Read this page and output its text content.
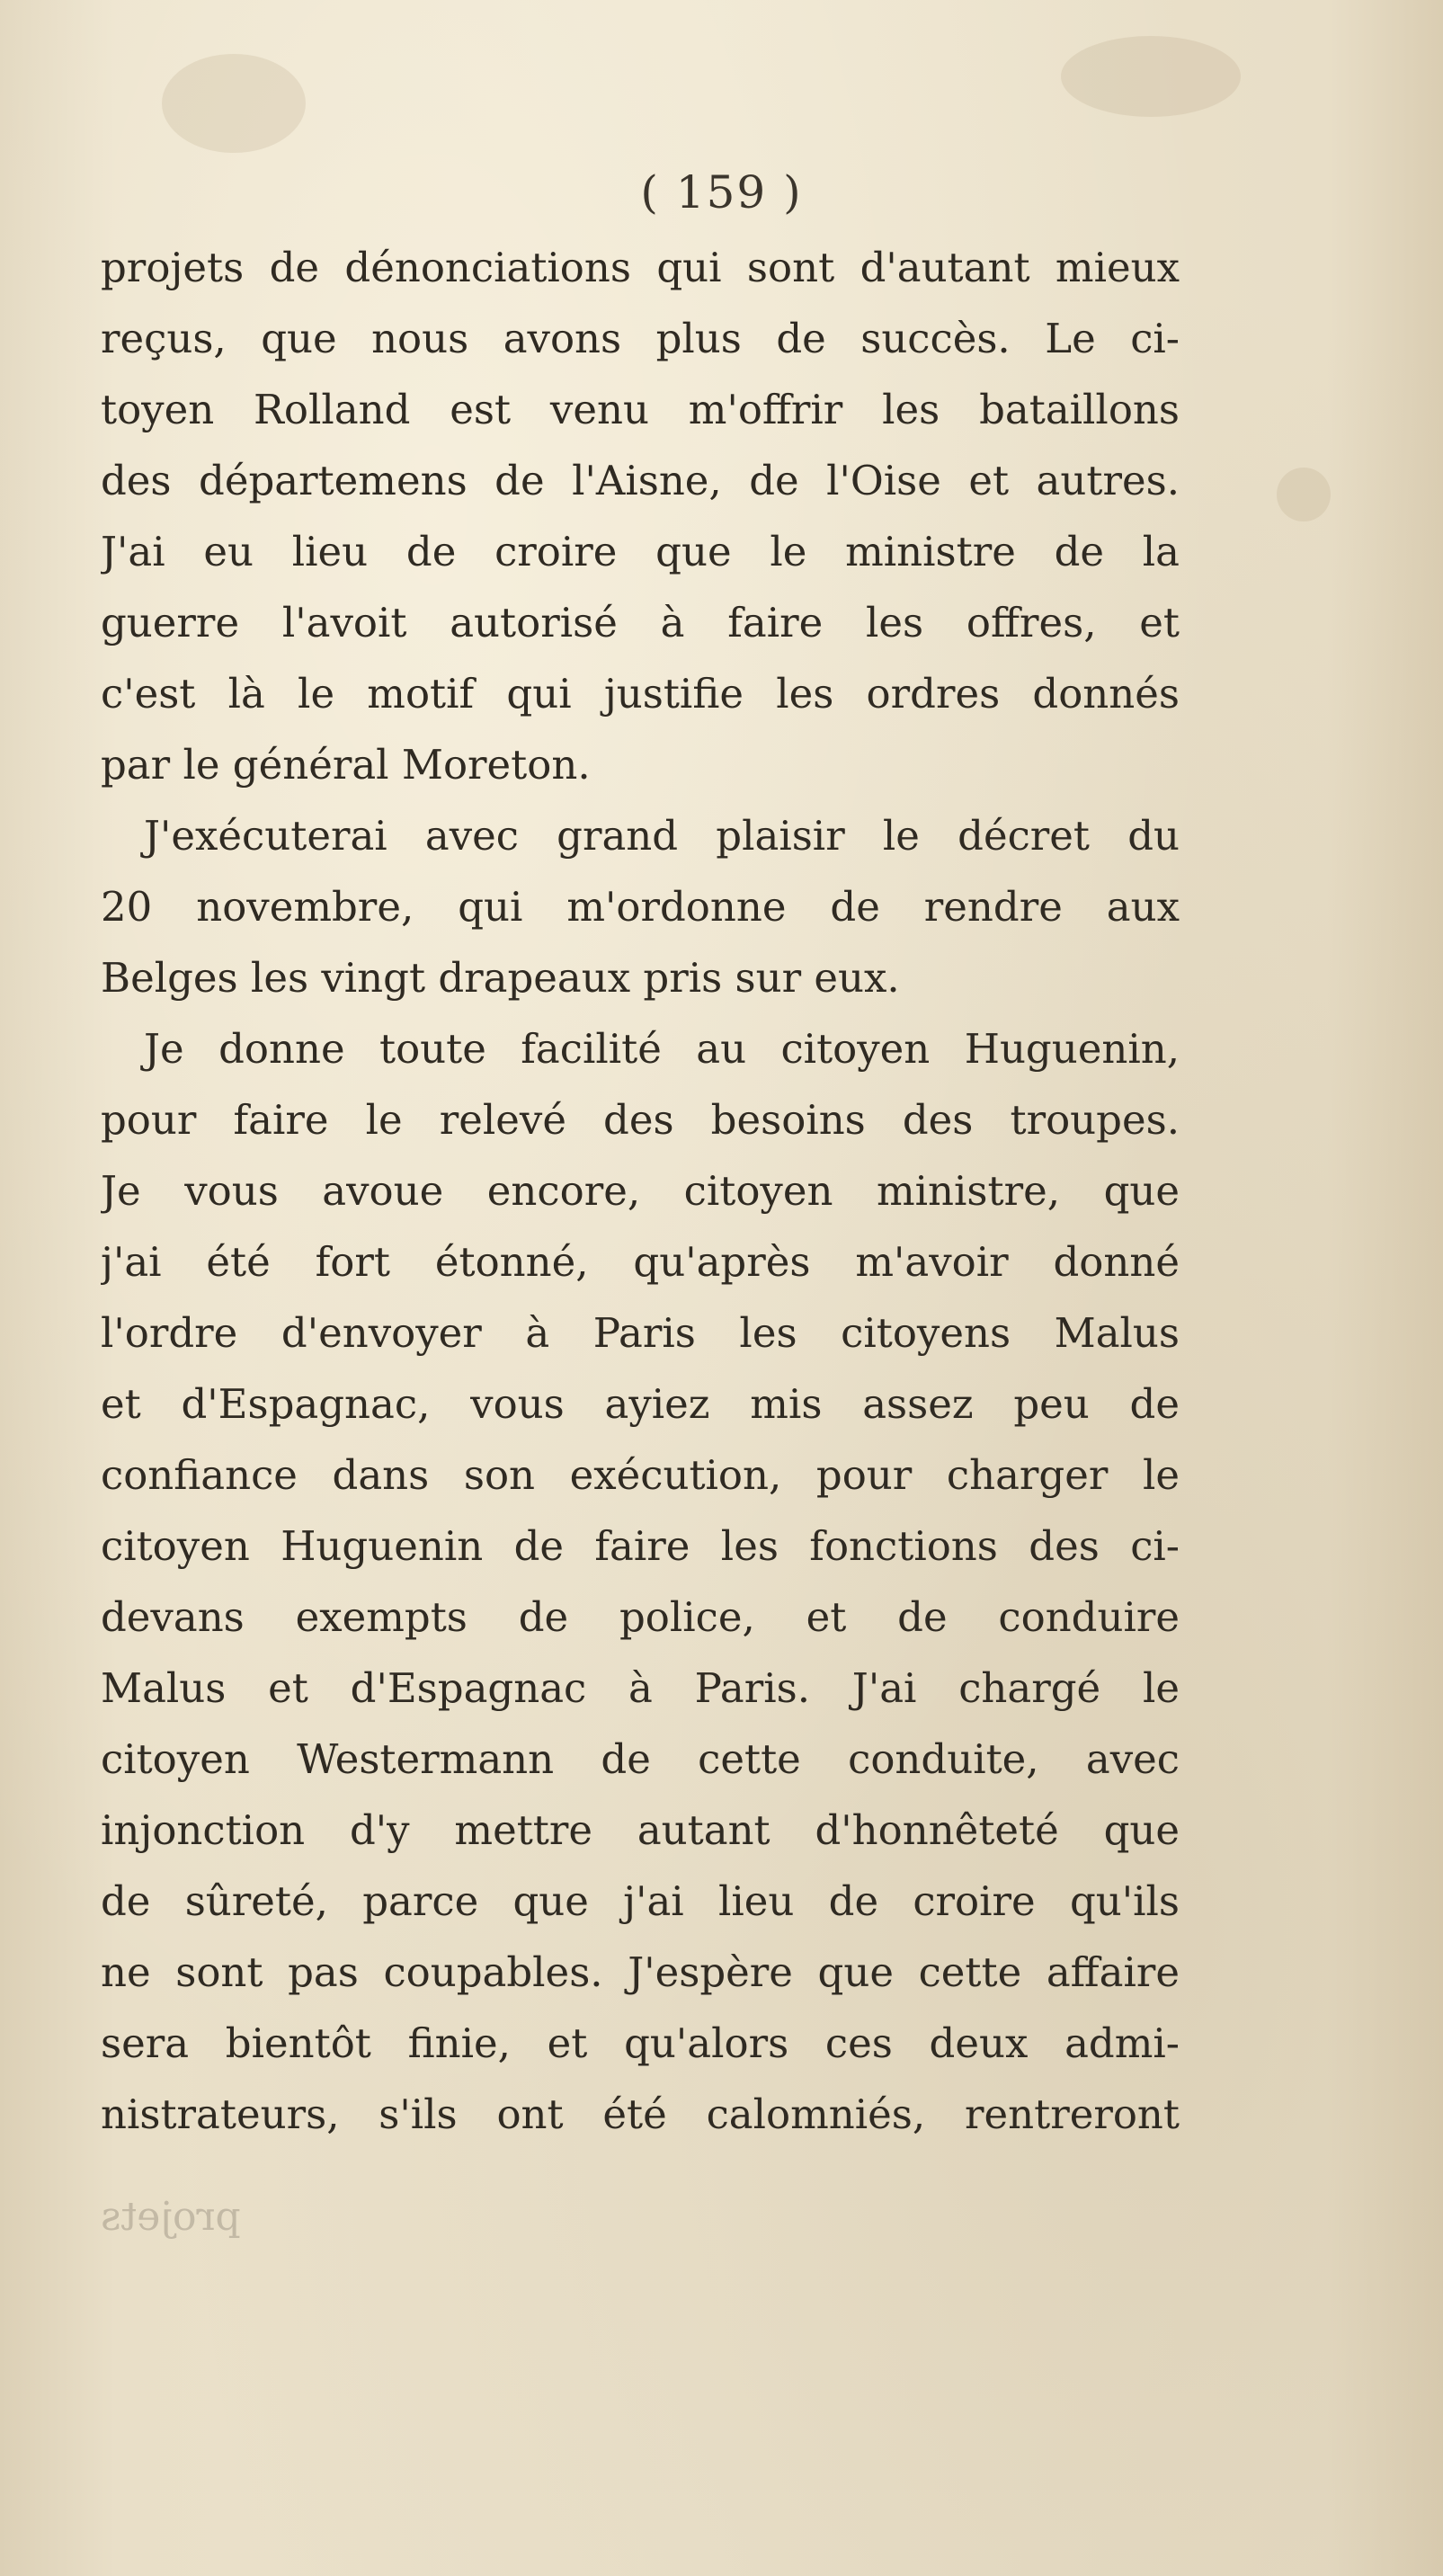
( 159 )
projets de dénonciations qui sont d'autant mieux
reçus, que nous avons plus de succès. Le ci-
toyen Rolland est venu m'offrir les bataillons
des départemens de l'Aisne, de l'Oise et autres.
J'ai eu lieu de croire que le ministre de la
guerre l'avoit autorisé à faire les offres, et
c'est là le motif qui justifie les ordres donnés
par le général Moreton.
J'exécuterai avec grand plaisir le décret du
20 novembre, qui m'ordonne de rendre aux
Belges les vingt drapeaux pris sur eux.
Je donne toute facilité au citoyen Huguenin,
pour faire le relevé des besoins des troupes.
Je vous avoue encore, citoyen ministre, que
j'ai été fort étonné, qu'après m'avoir donné
l'ordre d'envoyer à Paris les citoyens Malus
et d'Espagnac, vous ayiez mis assez peu de
confiance dans son exécution, pour charger le
citoyen Huguenin de faire les fonctions des ci-
devans exempts de police, et de conduire
Malus et d'Espagnac à Paris. J'ai chargé le
citoyen Westermann de cette conduite, avec
injonction d'y mettre autant d'honnêteté que
de sûreté, parce que j'ai lieu de croire qu'ils
ne sont pas coupables. J'espère que cette affaire
sera bientôt finie, et qu'alors ces deux admi-
nistrateurs, s'ils ont été calomniés, rentreront
projets
